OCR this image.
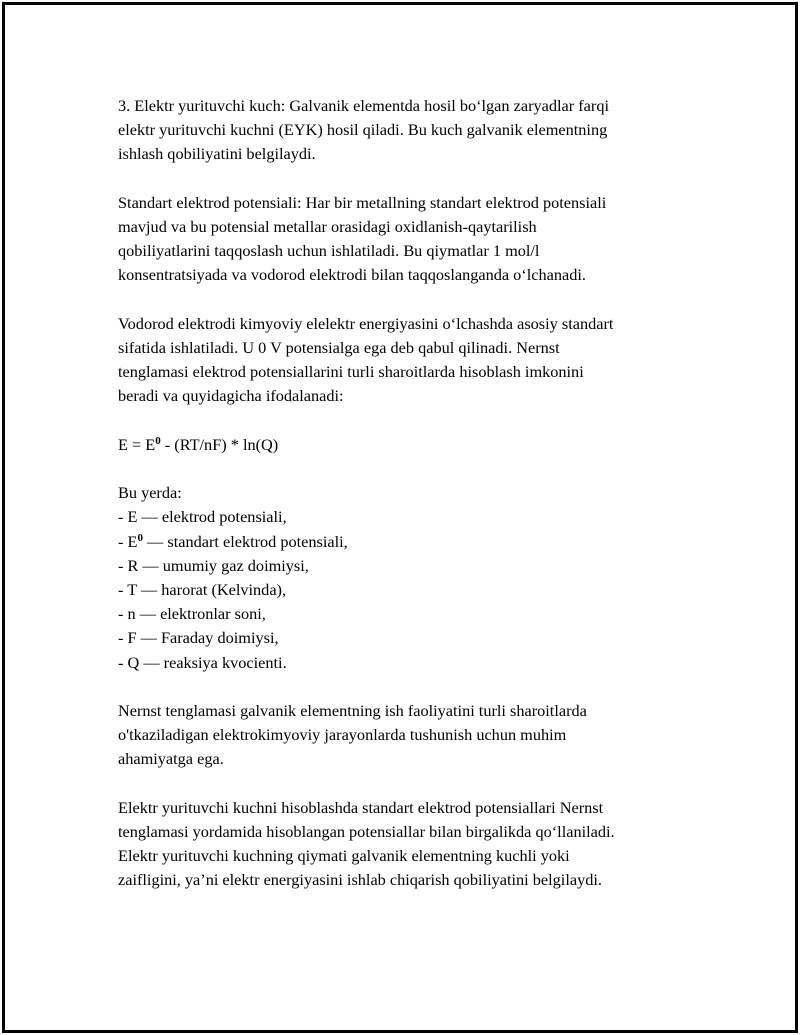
3. Elektr yurituvchi kuch: Galvanik elementda hosil bo‘lgan zaryadlar farqi
elektr yurituvchi kuchni (EYK) hosil qiladi. Bu kuch galvanik elementning
ishlash qobiliyatini belgilaydi.

Standart elektrod potensiali: Har bir metallning standart elektrod potensiali
mavjud va bu potensial metallar orasidagi oxidlanish-qaytarilish
qobiliyatlarini taqqoslash uchun ishlatiladi. Bu qiymatlar 1 mol/l
konsentratsiyada va vodorod elektrodi bilan taqqoslanganda o‘lchanadi.

Vodorod elektrodi kimyoviy elelektr energiyasini o‘lchashda asosiy standart
sifatida ishlatiladi. U 0 V potensialga ega deb qabul qilinadi. Nernst
tenglamasi elektrod potensiallarini turli sharoitlarda hisoblash imkonini
beradi va quyidagicha ifodalanadi:

$E = E^0 - (RT/nF) * \ln(Q)$

Bu yerda:
- E — elektrod potensiali,
- $E^0$ — standart elektrod potensiali,
- R — umumiy gaz doimiysi,
- T — harorat (Kelvinda),
- n — elektronlar soni,
- F — Faraday doimiysi,
- Q — reaksiya kvocienti.

Nernst tenglamasi galvanik elementning ish faoliyatini turli sharoitlarda
o'tkaziladigan elektrokimyoviy jarayonlarda tushunish uchun muhim
ahamiyatga ega.

Elektr yurituvchi kuchni hisoblashda standart elektrod potensiallari Nernst
tenglamasi yordamida hisoblangan potensiallar bilan birgalikda qo‘llaniladi.
Elektr yurituvchi kuchning qiymati galvanik elementning kuchli yoki
zaifligini, ya’ni elektr energiyasini ishlab chiqarish qobiliyatini belgilaydi.
